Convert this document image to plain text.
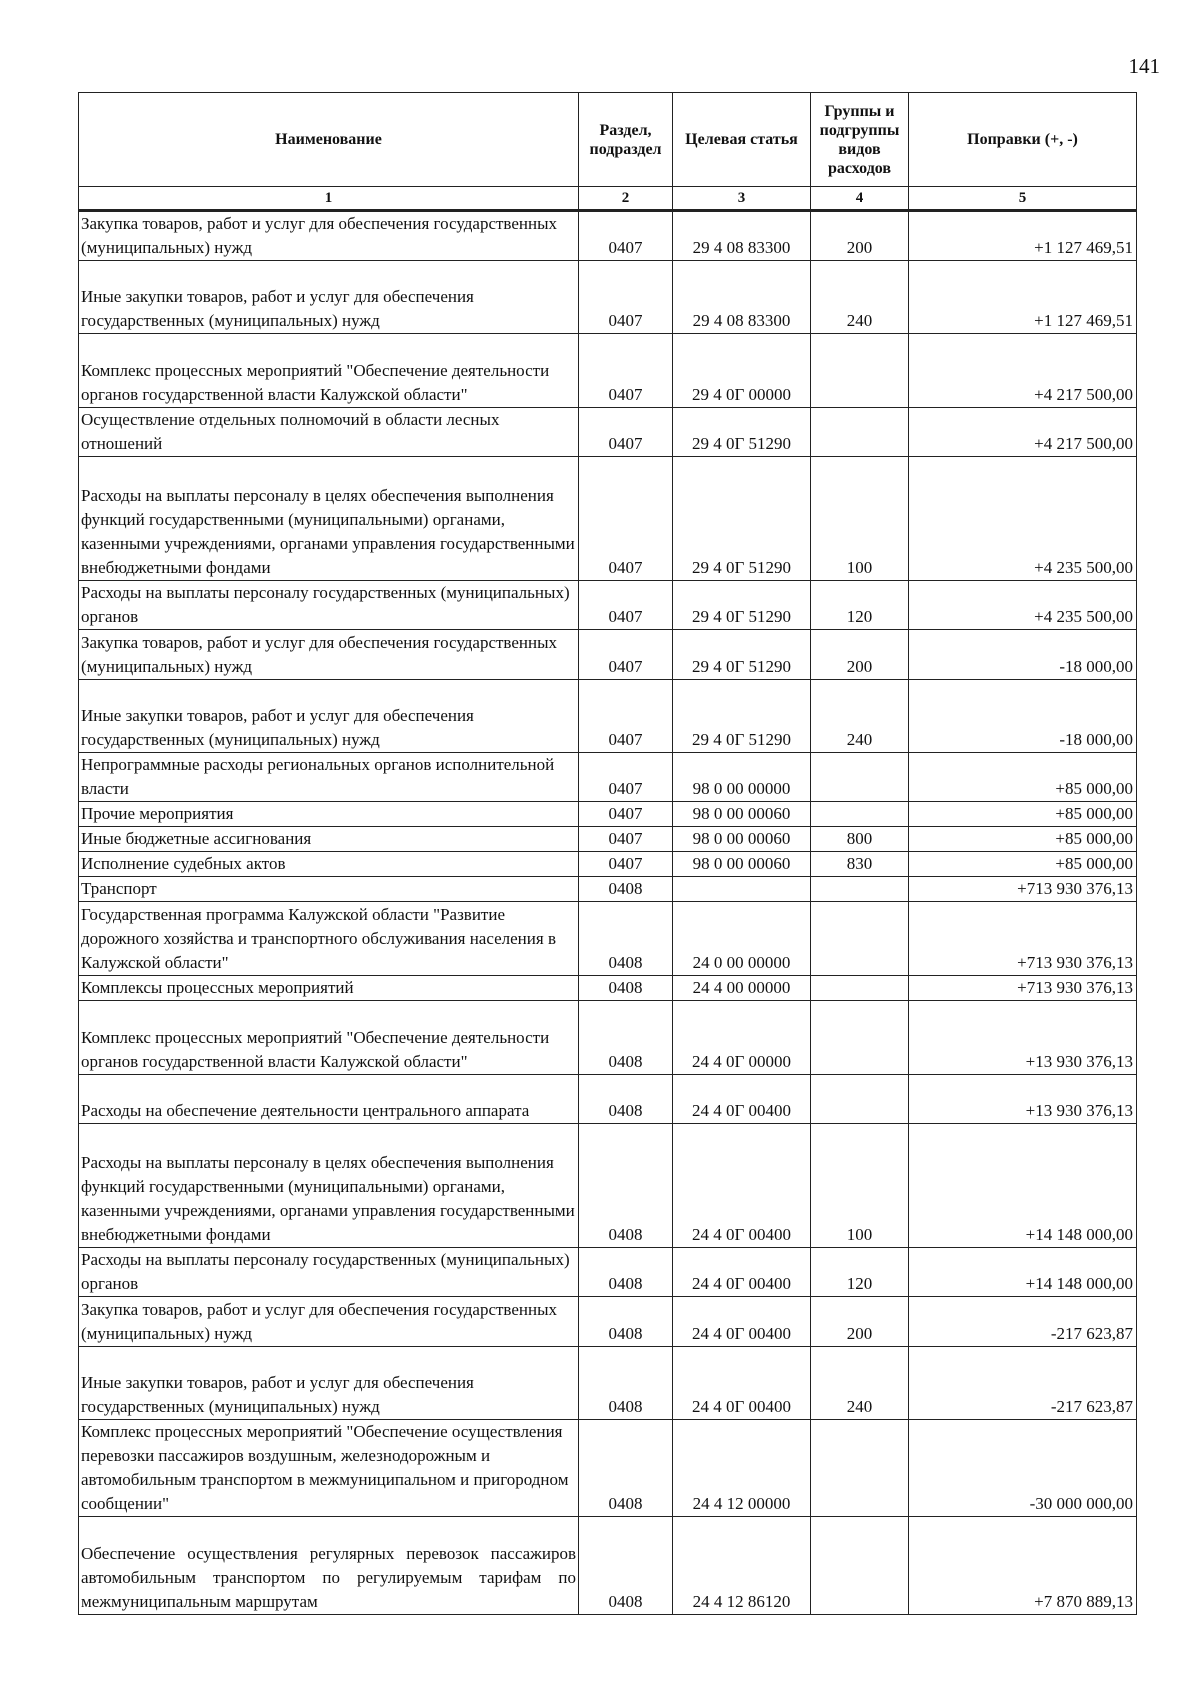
141
Наименование	Раздел, подраздел	Целевая статья	Группы и подгруппы видов расходов	Поправки (+, -)
1	2	3	4	5
Закупка товаров, работ и услуг для обеспечения государственных (муниципальных) нужд	0407	29 4 08 83300	200	+1 127 469,51
Иные закупки товаров, работ и услуг для обеспечения государственных (муниципальных) нужд	0407	29 4 08 83300	240	+1 127 469,51
Комплекс процессных мероприятий "Обеспечение деятельности органов государственной власти Калужской области"	0407	29 4 0Г 00000		+4 217 500,00
Осуществление отдельных полномочий в области лесных отношений	0407	29 4 0Г 51290		+4 217 500,00
Расходы на выплаты персоналу в целях обеспечения выполнения функций государственными (муниципальными) органами, казенными учреждениями, органами управления государственными внебюджетными фондами	0407	29 4 0Г 51290	100	+4 235 500,00
Расходы на выплаты персоналу государственных (муниципальных) органов	0407	29 4 0Г 51290	120	+4 235 500,00
Закупка товаров, работ и услуг для обеспечения государственных (муниципальных) нужд	0407	29 4 0Г 51290	200	-18 000,00
Иные закупки товаров, работ и услуг для обеспечения государственных (муниципальных) нужд	0407	29 4 0Г 51290	240	-18 000,00
Непрограммные расходы региональных органов исполнительной власти	0407	98 0 00 00000		+85 000,00
Прочие мероприятия	0407	98 0 00 00060		+85 000,00
Иные бюджетные ассигнования	0407	98 0 00 00060	800	+85 000,00
Исполнение судебных актов	0407	98 0 00 00060	830	+85 000,00
Транспорт	0408			+713 930 376,13
Государственная программа Калужской области "Развитие дорожного хозяйства и транспортного обслуживания населения в Калужской области"	0408	24 0 00 00000		+713 930 376,13
Комплексы процессных мероприятий	0408	24 4 00 00000		+713 930 376,13
Комплекс процессных мероприятий "Обеспечение деятельности органов государственной власти Калужской области"	0408	24 4 0Г 00000		+13 930 376,13
Расходы на обеспечение деятельности центрального аппарата	0408	24 4 0Г 00400		+13 930 376,13
Расходы на выплаты персоналу в целях обеспечения выполнения функций государственными (муниципальными) органами, казенными учреждениями, органами управления государственными внебюджетными фондами	0408	24 4 0Г 00400	100	+14 148 000,00
Расходы на выплаты персоналу государственных (муниципальных) органов	0408	24 4 0Г 00400	120	+14 148 000,00
Закупка товаров, работ и услуг для обеспечения государственных (муниципальных) нужд	0408	24 4 0Г 00400	200	-217 623,87
Иные закупки товаров, работ и услуг для обеспечения государственных (муниципальных) нужд	0408	24 4 0Г 00400	240	-217 623,87
Комплекс процессных мероприятий "Обеспечение осуществления перевозки пассажиров воздушным, железнодорожным и автомобильным транспортом в межмуниципальном и пригородном сообщении"	0408	24 4 12 00000		-30 000 000,00
Обеспечение осуществления регулярных перевозок пассажиров автомобильным транспортом по регулируемым тарифам по межмуниципальным маршрутам	0408	24 4 12 86120		+7 870 889,13
